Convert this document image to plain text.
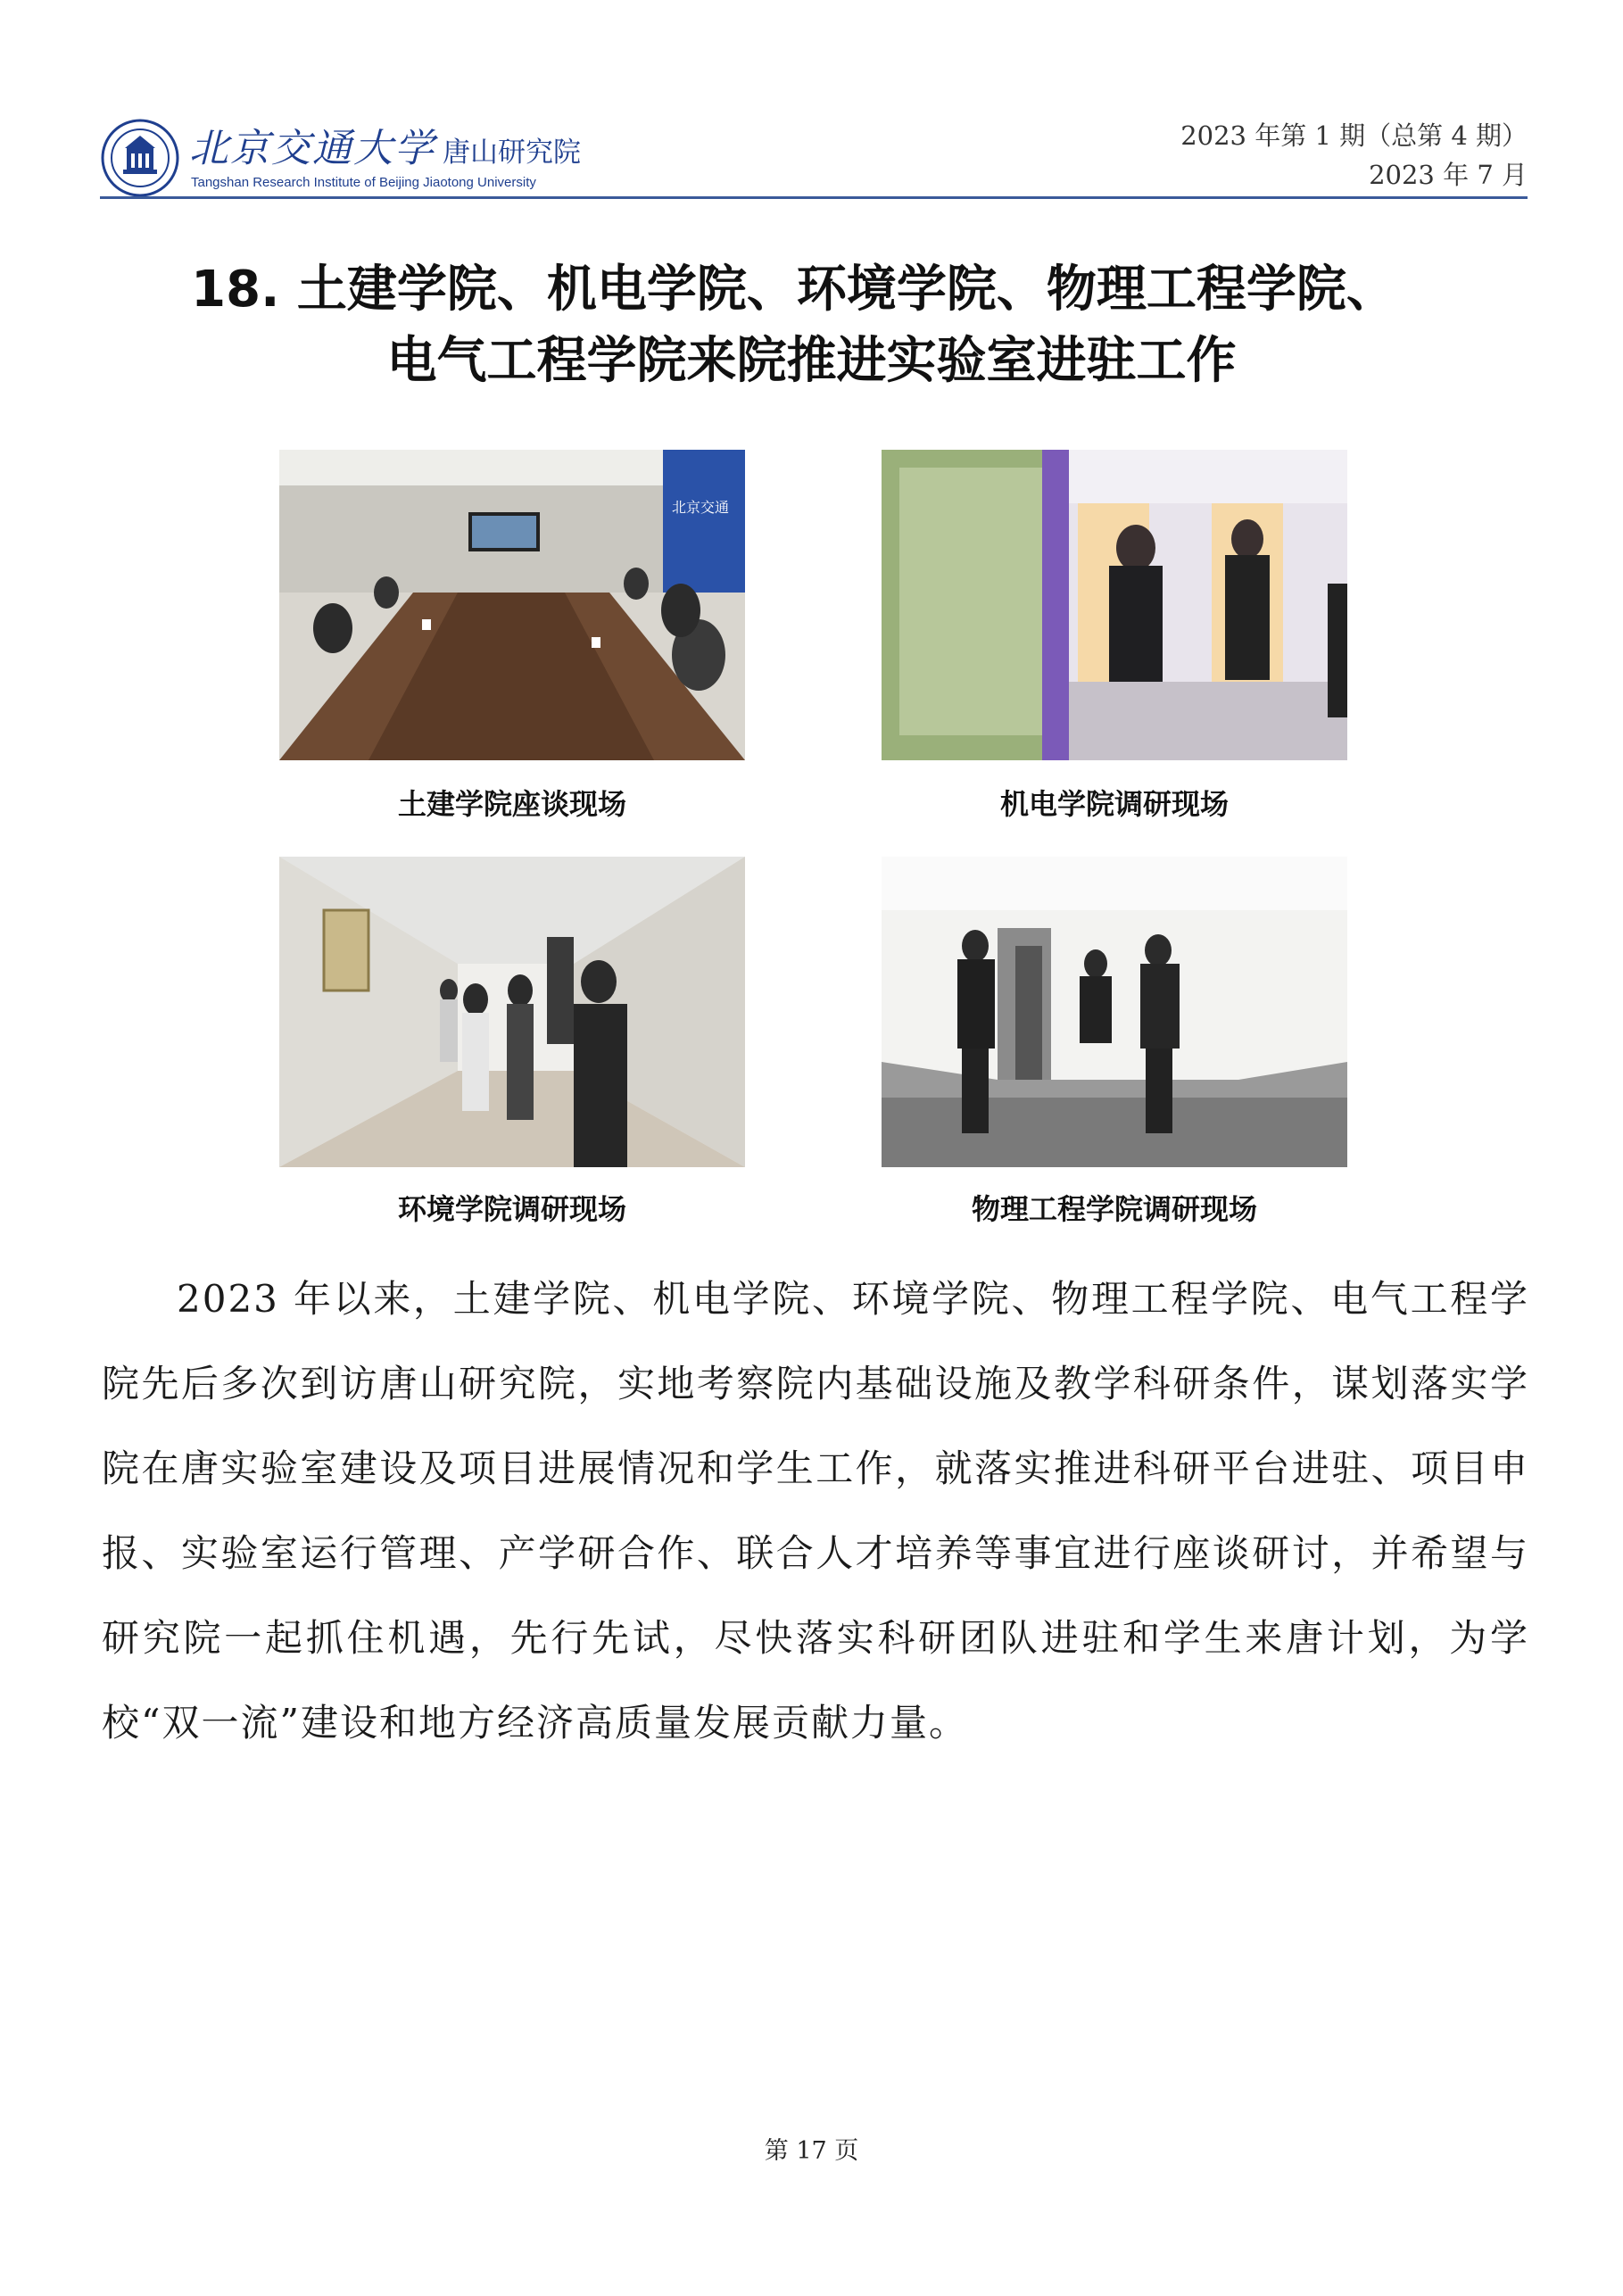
北京交通大学 唐山研究院
Tangshan Research Institute of Beijing Jiaotong University
2023 年第 1 期（总第 4 期）
2023 年 7 月
18. 土建学院、机电学院、环境学院、物理工程学院、
电气工程学院来院推进实验室进驻工作
北京交通
土建学院座谈现场	机电学院调研现场
环境学院调研现场	物理工程学院调研现场
2023 年以来，土建学院、机电学院、环境学院、物理工程学院、电气工程学院先后多次到访唐山研究院，实地考察院内基础设施及教学科研条件，谋划落实学院在唐实验室建设及项目进展情况和学生工作，就落实推进科研平台进驻、项目申报、实验室运行管理、产学研合作、联合人才培养等事宜进行座谈研讨，并希望与研究院一起抓住机遇，先行先试，尽快落实科研团队进驻和学生来唐计划，为学校“双一流”建设和地方经济高质量发展贡献力量。
第 17 页
